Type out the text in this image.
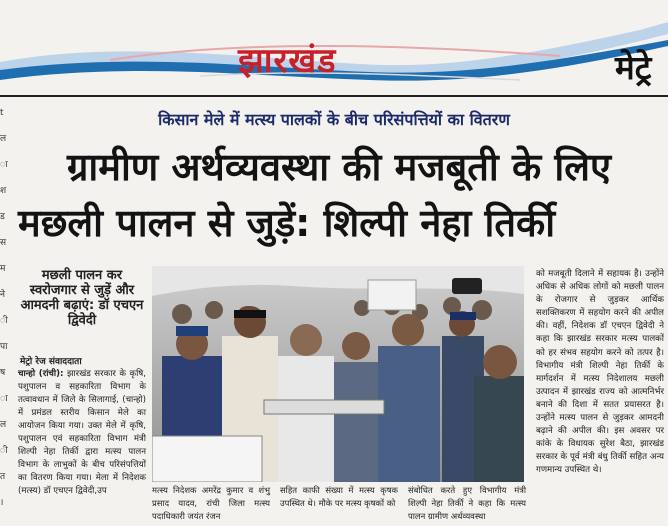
झारखंड	मेट्रे
t
ल
ा
श
ड
स
म
ने
ी
पा
ष
ा
ल
ी
त
।
किसान मेले में मत्स्य पालकों के बीच परिसंपत्तियों का वितरण
ग्रामीण अर्थव्यवस्था की मजबूती के लिए
मछली पालन से जुड़ें: शिल्पी नेहा तिर्की
मछली पालन कर स्वरोजगार से जुड़ें और आमदनी बढ़ाएं: डॉ एचएन द्विवेदी
मेट्रो रेज संवाददाता
चान्हो (रांची): झारखंड सरकार के कृषि, पशुपालन व सहकारिता विभाग के तत्वावधान में जिले के सिलागाई, (चान्हो) में प्रमंडल स्तरीय किसान मेले का आयोजन किया गया। उक्त मेले में कृषि, पशुपालन एवं सहकारिता विभाग मंत्री शिल्पी नेहा तिर्की द्वारा मत्स्य पालन विभाग के लाभुकों के बीच परिसंपत्तियों का वितरण किया गया। मेला में निदेशक (मत्स्य) डॉ एचएन द्विवेदी,उप	मत्स्य निदेशक अमरेंद्र कुमार व शंभु प्रसाद यादव, रांची जिला मत्स्य पदाधिकारी जयंत रंजन
सहित काफी संख्या में मत्स्य कृषक उपस्थित थे। मौके पर मत्स्य कृषकों को
संबोधित करते हुए विभागीय मंत्री शिल्पी नेहा तिर्की ने कहा कि मत्स्य पालन ग्रामीण अर्थव्यवस्था
को मजबूती दिलाने में सहायक है। उन्होंने अधिक से अधिक लोगों को मछली पालन के रोजगार से जुड़कर आर्थिक सशक्तिकरण में सहयोग करने की अपील की। वहीं, निदेशक डॉ एचएन द्विवेदी ने कहा कि झारखंड सरकार मत्स्य पालकों को हर संभव सहयोग करने को तत्पर है। विभागीय मंत्री शिल्पी नेहा तिर्की के मार्गदर्शन में मत्स्य निदेशालय मछली उत्पादन में झारखंड राज्य को आत्मनिर्भर बनाने की दिशा में सतत प्रयासरत है। उन्होंने मत्स्य पालन से जुड़कर आमदनी बढ़ाने की अपील की। इस अवसर पर कांके के विधायक सुरेश बैठा, झारखंड सरकार के पूर्व मंत्री बंधु तिर्की सहित अन्य गणमान्य उपस्थित थे।
